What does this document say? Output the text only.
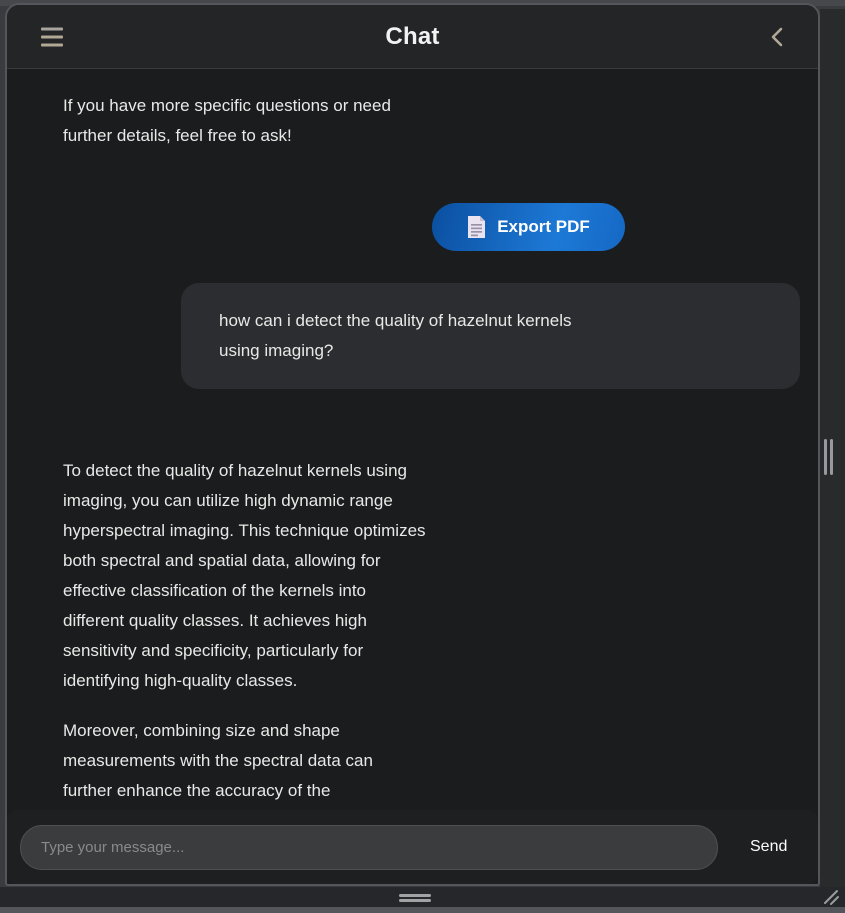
Chat
If you have more specific questions or need
further details, feel free to ask!
Export PDF
how can i detect the quality of hazelnut kernels
using imaging?
To detect the quality of hazelnut kernels using
imaging, you can utilize high dynamic range
hyperspectral imaging. This technique optimizes
both spectral and spatial data, allowing for
effective classification of the kernels into
different quality classes. It achieves high
sensitivity and specificity, particularly for
identifying high-quality classes.
Moreover, combining size and shape
measurements with the spectral data can
further enhance the accuracy of the
Type your message...
Send
